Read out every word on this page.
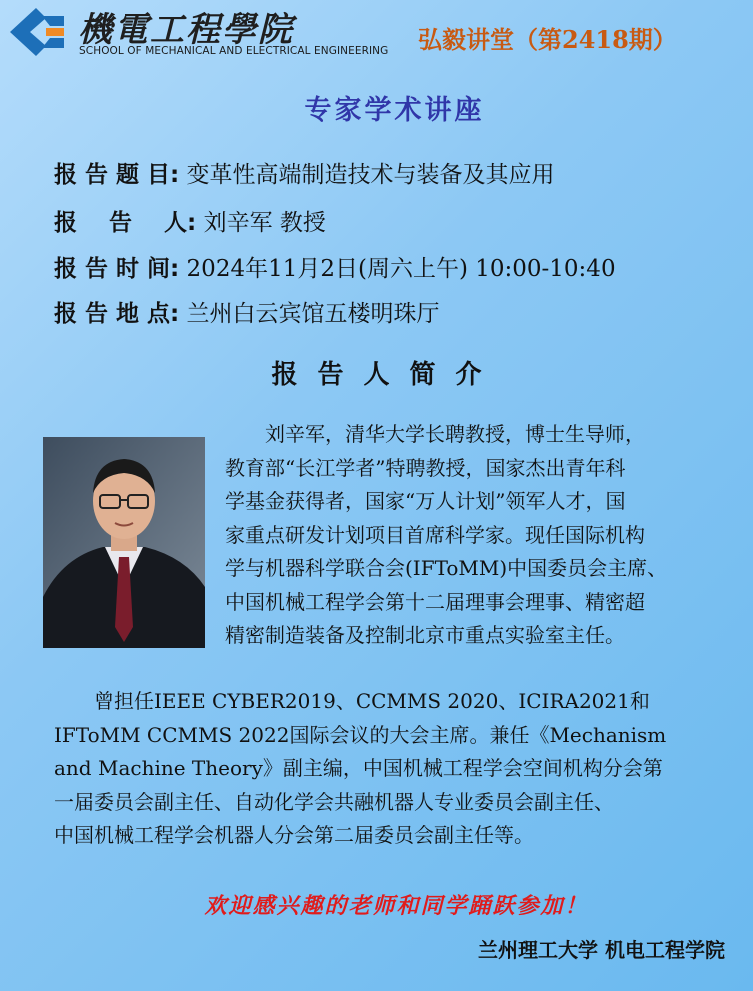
機電工程學院
SCHOOL OF MECHANICAL AND ELECTRICAL ENGINEERING 弘毅讲堂（第2418期）
专家学术讲座
报 告 题 目: 变革性高端制造技术与装备及其应用
报    告    人: 刘辛军 教授
报 告 时 间: 2024年11月2日(周六上午) 10:00-10:40
报 告 地 点: 兰州白云宾馆五楼明珠厅
报告人简介

　　刘辛军，清华大学长聘教授，博士生导师，

教育部“长江学者”特聘教授，国家杰出青年科

学基金获得者，国家“万人计划”领军人才，国

家重点研发计划项目首席科学家。现任国际机构

学与机器科学联合会(IFToMM)中国委员会主席、

中国机械工程学会第十二届理事会理事、精密超

精密制造装备及控制北京市重点实验室主任。

　　曾担任IEEE CYBER2019、CCMMS 2020、ICIRA2021和

IFToMM CCMMS 2022国际会议的大会主席。兼任《Mechanism

and Machine Theory》副主编，中国机械工程学会空间机构分会第

一届委员会副主任、自动化学会共融机器人专业委员会副主任、

中国机械工程学会机器人分会第二届委员会副主任等。

欢迎感兴趣的老师和同学踊跃参加！
兰州理工大学 机电工程学院
